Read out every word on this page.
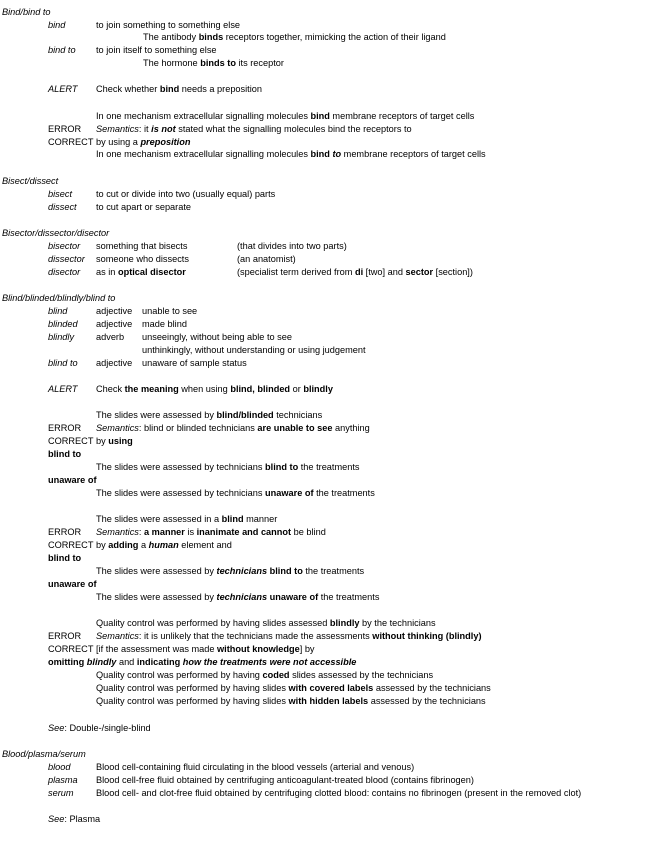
Bind/bind to
bind	to join something to something else
The antibody binds receptors together, mimicking the action of their ligand
bind to to join itself to something else
The hormone binds to its receptor
ALERT Check whether bind needs a preposition
In one mechanism extracellular signalling molecules bind membrane receptors of target cells
ERROR Semantics: it is not stated what the signalling molecules bind the receptors to
CORRECT by using a preposition
In one mechanism extracellular signalling molecules bind to membrane receptors of target cells
Bisect/dissect
bisect	to cut or divide into two (usually equal) parts
dissect to cut apart or separate
Bisector/dissector/disector
bisector something that bisects	(that divides into two parts)
dissector someone who dissects	(an anatomist)
disector as in optical disector	(specialist term derived from di [two] and sector [section])
Blind/blinded/blindly/blind to
blind	adjective unable to see
blinded adjective made blind
blindly adverb unseeingly, without being able to see
unthinkingly, without understanding or using judgement
blind to adjective unaware of sample status
ALERT Check the meaning when using blind, blinded or blindly
The slides were assessed by blind/blinded technicians
ERROR Semantics: blind or blinded technicians are unable to see anything
CORRECT by using
blind to
The slides were assessed by technicians blind to the treatments
unaware of
The slides were assessed by technicians unaware of the treatments
The slides were assessed in a blind manner
ERROR Semantics: a manner is inanimate and cannot be blind
CORRECT by adding a human element and
blind to
The slides were assessed by technicians blind to the treatments
unaware of
The slides were assessed by technicians unaware of the treatments
Quality control was performed by having slides assessed blindly by the technicians
ERROR Semantics: it is unlikely that the technicians made the assessments without thinking (blindly)
CORRECT [if the assessment was made without knowledge] by
omitting blindly and indicating how the treatments were not accessible
Quality control was performed by having coded slides assessed by the technicians
Quality control was performed by having slides with covered labels assessed by the technicians
Quality control was performed by having slides with hidden labels assessed by the technicians
See: Double-/single-blind
Blood/plasma/serum
blood	Blood cell-containing fluid circulating in the blood vessels (arterial and venous)
plasma Blood cell-free fluid obtained by centrifuging anticoagulant-treated blood (contains fibrinogen)
serum Blood cell- and clot-free fluid obtained by centrifuging clotted blood: contains no fibrinogen (present in the removed clot)
See: Plasma
